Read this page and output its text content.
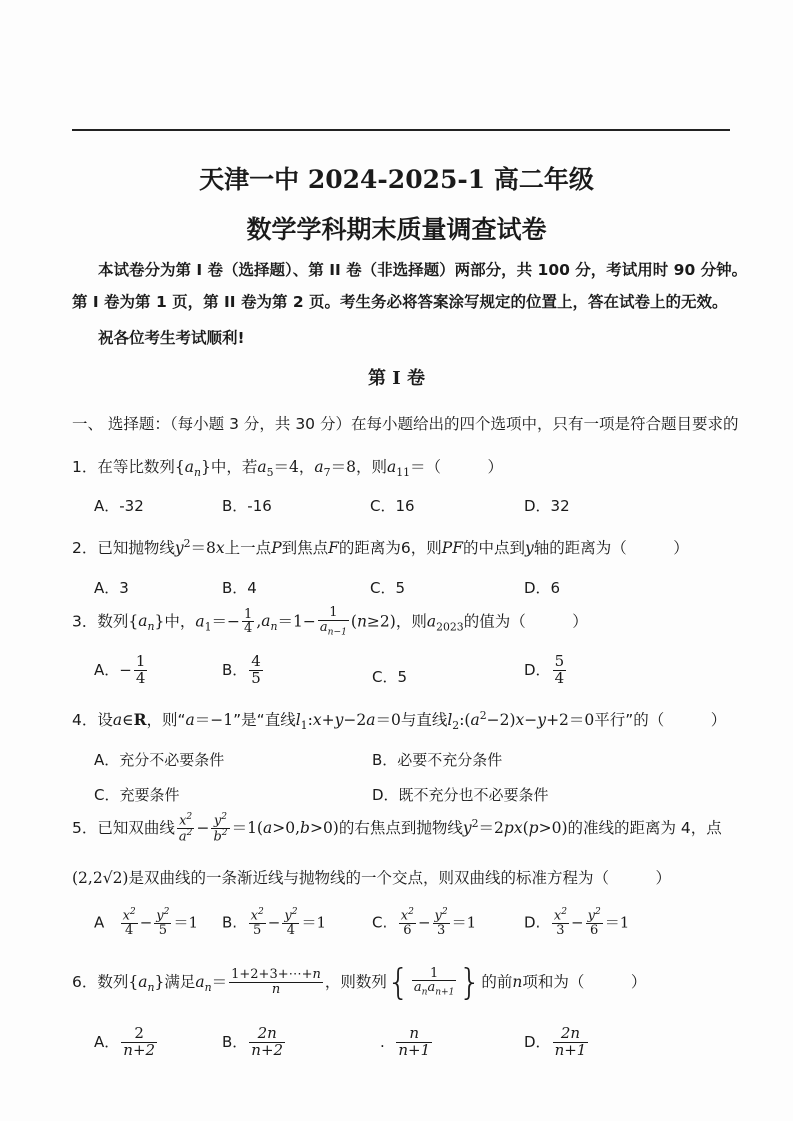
天津一中 2024-2025-1 高二年级
数学学科期末质量调查试卷
本试卷分为第 I 卷（选择题）、第 II 卷（非选择题）两部分，共 100 分，考试用时 90 分钟。
第 I 卷为第 1 页，第 II 卷为第 2 页。考生务必将答案涂写规定的位置上，答在试卷上的无效。
祝各位考生考试顺利!
第 I 卷
一、 选择题：（每小题 3 分，共 30 分）在每小题给出的四个选项中，只有一项是符合题目要求的
1．在等比数列$\{a_n\}$中，若$a_5=4$，$a_7=8$，则$a_{11}=$（　　　）
A．-32	B．-16	C．16	D．32
2．已知抛物线$y^2=8x$上一点P到焦点F的距离为6，则PF的中点到y轴的距离为（　　　）
A．3	B．4	C．5	D．6
3．数列$\{a_n\}$中，$a_1=- \frac{1}{4} ,a_n=1- \frac{1}{a_{n-1}} (n\ge 2)$，则$a_{2023}$的值为（　　　）
A．− $\frac{1}{4}$	B． $\frac{4}{5}$	C．5	D． $\frac{5}{4}$
4．设a∈R，则“a＝−1”是“直线$l_1:x+y-2a=0$与直线$l_2:(a^2-2)x-y+2=0$平行”的（　　　）
A．充分不必要条件	B．必要不充分条件
C．充要条件	D．既不充分也不必要条件
5．已知双曲线 $\frac{x^2}{a^2} - \frac{y^2}{b^2} =1(a>0,b>0)$的右焦点到抛物线$y^2=2px(p>0)$的准线的距离为 4，点
(2,2√2)是双曲线的一条渐近线与抛物线的一个交点，则双曲线的标准方程为（　　　）
A $\frac{x^2}{4} - \frac{y^2}{5} =1$ B. $\frac{x^2}{5} - \frac{y^2}{4} =1$	C. $\frac{x^2}{6} - \frac{y^2}{3} =1$	D. $\frac{x^2}{3} - \frac{y^2}{6} =1$
6．数列$\{a_n\}$满足$a_n= \frac{1+2+3+\cdots+n}{n}$ ，则数列{ $\frac{1}{a_na_{n+1}}$ }的前n项和为（　　　）
A． $\frac{2}{n+2}$	B． $\frac{2n}{n+2}$	. $\frac{n}{n+1}$	D． $\frac{2n}{n+1}$
